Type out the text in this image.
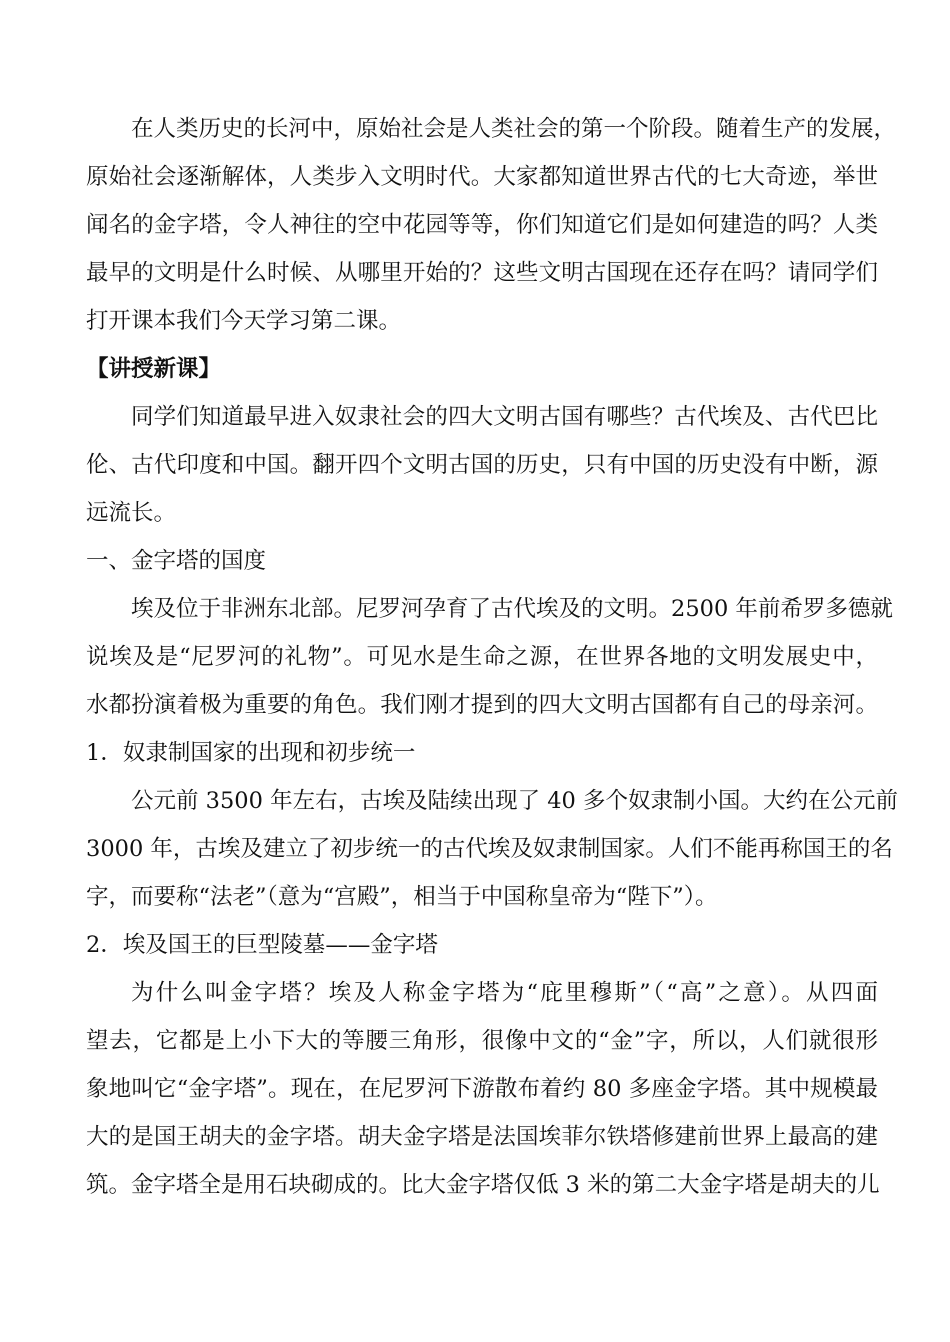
在人类历史的长河中，原始社会是人类社会的第一个阶段。随着生产的发展，
原始社会逐渐解体，人类步入文明时代。大家都知道世界古代的七大奇迹，举世
闻名的金字塔，令人神往的空中花园等等，你们知道它们是如何建造的吗？人类
最早的文明是什么时候、从哪里开始的？这些文明古国现在还存在吗？请同学们
打开课本我们今天学习第二课。
【讲授新课】
同学们知道最早进入奴隶社会的四大文明古国有哪些？古代埃及、古代巴比
伦、古代印度和中国。翻开四个文明古国的历史，只有中国的历史没有中断，源
远流长。
一、金字塔的国度
埃及位于非洲东北部。尼罗河孕育了古代埃及的文明。2500 年前希罗多德就
说埃及是“尼罗河的礼物”。可见水是生命之源，在世界各地的文明发展史中，
水都扮演着极为重要的角色。我们刚才提到的四大文明古国都有自己的母亲河。
1．奴隶制国家的出现和初步统一
公元前 3500 年左右，古埃及陆续出现了 40 多个奴隶制小国。大约在公元前
3000 年，古埃及建立了初步统一的古代埃及奴隶制国家。人们不能再称国王的名
字，而要称“法老”（意为“宫殿”，相当于中国称皇帝为“陛下”）。
2．埃及国王的巨型陵墓——金字塔
为什么叫金字塔？埃及人称金字塔为“庇里穆斯”（“高”之意）。从四面
望去，它都是上小下大的等腰三角形，很像中文的“金”字，所以，人们就很形
象地叫它“金字塔”。现在，在尼罗河下游散布着约 80 多座金字塔。其中规模最
大的是国王胡夫的金字塔。胡夫金字塔是法国埃菲尔铁塔修建前世界上最高的建
筑。金字塔全是用石块砌成的。比大金字塔仅低 3 米的第二大金字塔是胡夫的儿
